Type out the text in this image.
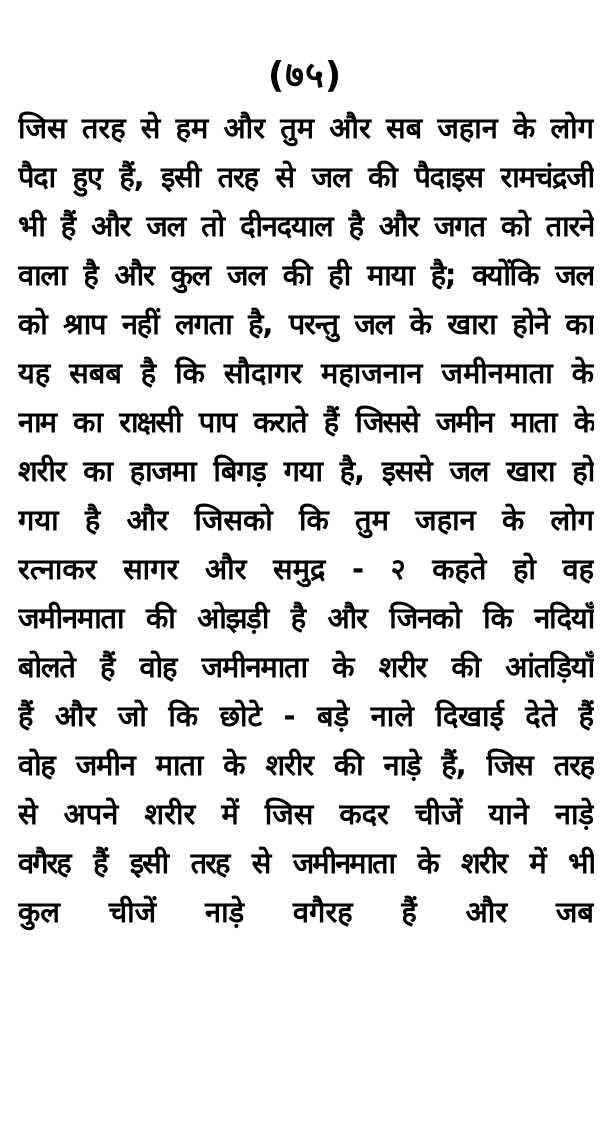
(७५)
जिस तरह से हम और तुम और सब जहान के लोग
पैदा हुए हैं, इसी तरह से जल की पैदाइस रामचंद्रजी
भी हैं और जल तो दीनदयाल है और जगत को तारने
वाला है और कुल जल की ही माया है; क्योंकि जल
को श्राप नहीं लगता है, परन्तु जल के खारा होने का
यह सबब है कि सौदागर महाजनान जमीनमाता के
नाम का राक्षसी पाप कराते हैं जिससे जमीन माता के
शरीर का हाजमा बिगड़ गया है, इससे जल खारा हो
गया है और जिसको कि तुम जहान के लोग
रत्नाकर सागर और समुद्र - २ कहते हो वह
जमीनमाता की ओझड़ी है और जिनको कि नदियाँ
बोलते हैं वोह जमीनमाता के शरीर की आंतड़ियाँ
हैं और जो कि छोटे - बड़े नाले दिखाई देते हैं
वोह जमीन माता के शरीर की नाड़े हैं, जिस तरह
से अपने शरीर में जिस कदर चीजें याने नाड़े
वगैरह हैं इसी तरह से जमीनमाता के शरीर में भी
कुल चीजें नाड़े वगैरह हैं और जब
